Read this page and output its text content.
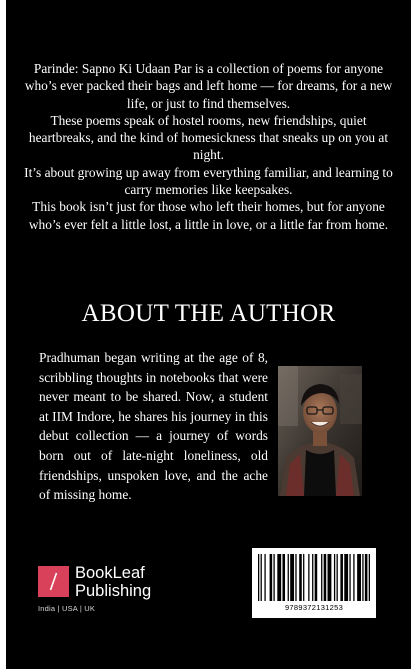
Parinde: Sapno Ki Udaan Par is a collection of poems for anyone who’s ever packed their bags and left home — for dreams, for a new life, or just to find themselves.

These poems speak of hostel rooms, new friendships, quiet heartbreaks, and the kind of homesickness that sneaks up on you at night.

It’s about growing up away from everything familiar, and learning to carry memories like keepsakes.

This book isn’t just for those who left their homes, but for anyone who’s ever felt a little lost, a little in love, or a little far from home.

ABOUT THE AUTHOR

Pradhuman began writing at the age of 8, scribbling thoughts in notebooks that were never meant to be shared. Now, a student at IIM Indore, he shares his journey in this debut collection — a journey of words born out of late-night loneliness, old friendships, unspoken love, and the ache of missing home.

BookLeaf
Publishing
India | USA | UK	9789372131253
